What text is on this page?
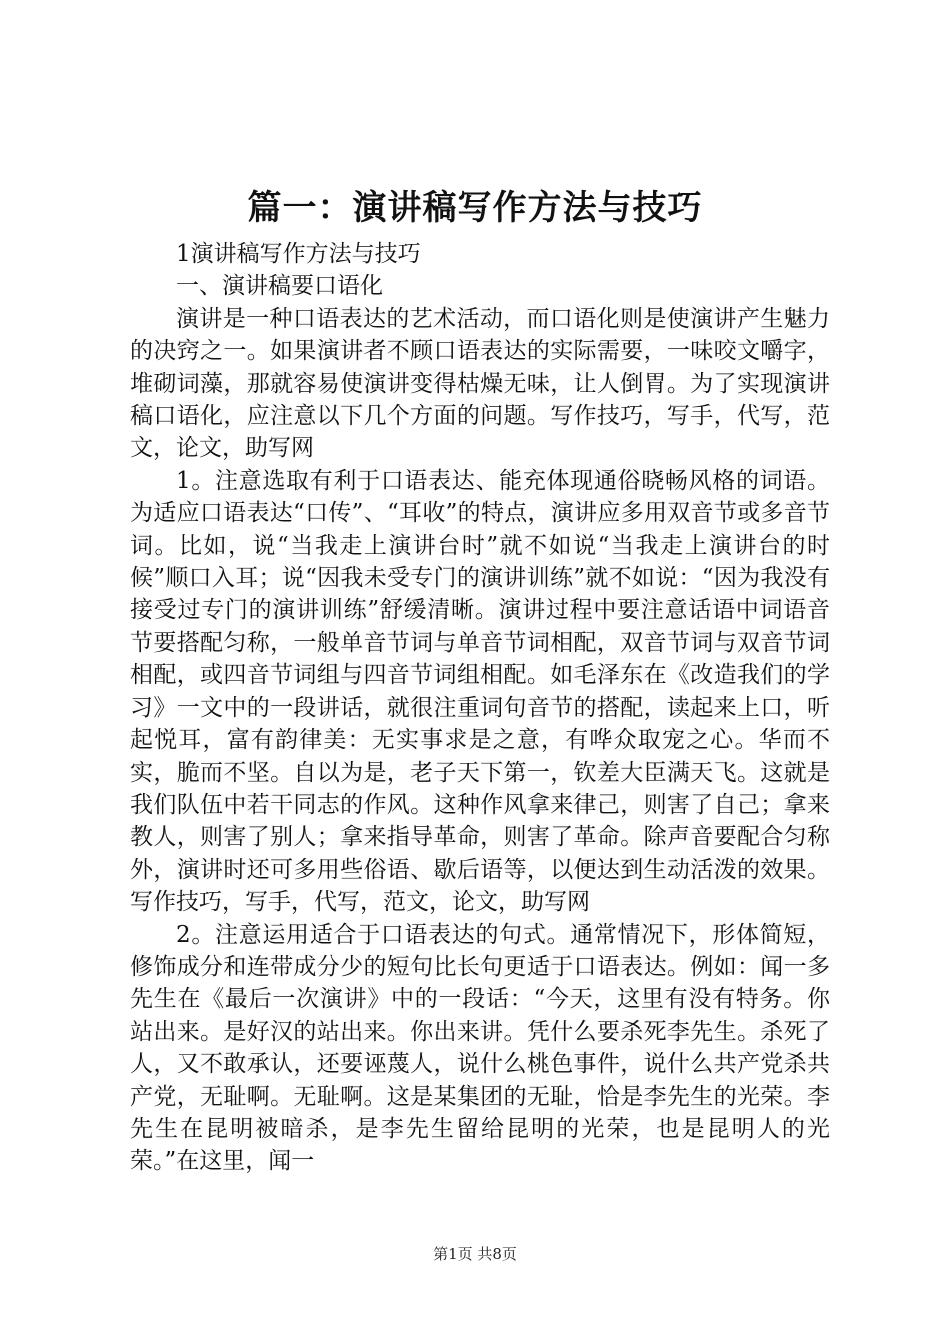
篇一：演讲稿写作方法与技巧

1演讲稿写作方法与技巧

一、演讲稿要口语化

演讲是一种口语表达的艺术活动，而口语化则是使演讲产生魅力的决窍之一。如果演讲者不顾口语表达的实际需要，一味咬文嚼字，堆砌词藻，那就容易使演讲变得枯燥无味，让人倒胃。为了实现演讲稿口语化，应注意以下几个方面的问题。写作技巧，写手，代写，范文，论文，助写网

1。注意选取有利于口语表达、能充体现通俗晓畅风格的词语。为适应口语表达“口传”、“耳收”的特点，演讲应多用双音节或多音节词。比如，说“当我走上演讲台时”就不如说“当我走上演讲台的时候”顺口入耳；说“因我未受专门的演讲训练”就不如说：“因为我没有接受过专门的演讲训练”舒缓清晰。演讲过程中要注意话语中词语音节要搭配匀称，一般单音节词与单音节词相配，双音节词与双音节词相配，或四音节词组与四音节词组相配。如毛泽东在《改造我们的学习》一文中的一段讲话，就很注重词句音节的搭配，读起来上口，听起悦耳，富有韵律美：无实事求是之意，有哗众取宠之心。华而不实，脆而不坚。自以为是，老子天下第一，钦差大臣满天飞。这就是我们队伍中若干同志的作风。这种作风拿来律己，则害了自己；拿来教人，则害了别人；拿来指导革命，则害了革命。除声音要配合匀称外，演讲时还可多用些俗语、歇后语等，以便达到生动活泼的效果。写作技巧，写手，代写，范文，论文，助写网

2。注意运用适合于口语表达的句式。通常情况下，形体简短，修饰成分和连带成分少的短句比长句更适于口语表达。例如：闻一多先生在《最后一次演讲》中的一段话：“今天，这里有没有特务。你站出来。是好汉的站出来。你出来讲。凭什么要杀死李先生。杀死了人，又不敢承认，还要诬蔑人，说什么桃色事件，说什么共产党杀共产党，无耻啊。无耻啊。这是某集团的无耻，恰是李先生的光荣。李先生在昆明被暗杀，是李先生留给昆明的光荣，也是昆明人的光荣。”在这里，闻一

第1页 共8页
